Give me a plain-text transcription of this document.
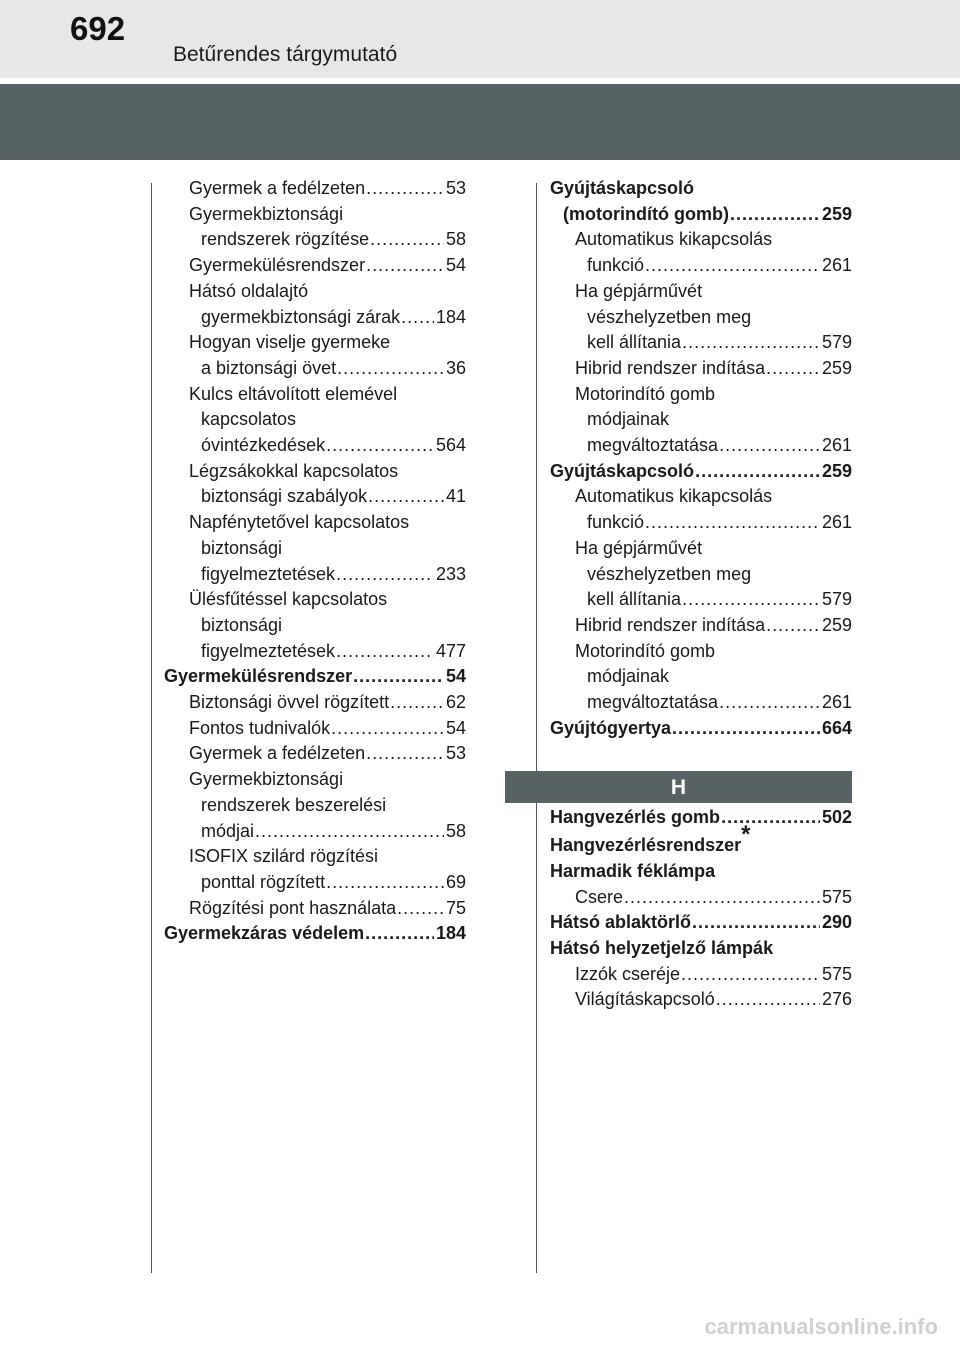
692
Betűrendes tárgymutató
Gyermek a fedélzeten .....	53
Gyermekbiztonsági
rendszerek rögzítése .....	58
Gyermekülésrendszer .....	54
Hátsó oldalajtó
gyermekbiztonsági zárak ..... 184
Hogyan viselje gyermeke
a biztonsági övet .....	36
Kulcs eltávolított elemével
kapcsolatos
óvintézkedések .....	564
Légzsákokkal kapcsolatos
biztonsági szabályok .....	41
Napfénytetővel kapcsolatos
biztonsági
figyelmeztetések .....	233
Ülésfűtéssel kapcsolatos
biztonsági
figyelmeztetések .....	477
Gyermekülésrendszer .....	54
Biztonsági övvel rögzített .....	62
Fontos tudnivalók .....	54
Gyermek a fedélzeten .....	53
Gyermekbiztonsági
rendszerek beszerelési
módjai .....	58
ISOFIX szilárd rögzítési
ponttal rögzített .....	69
Rögzítési pont használata .....	75
Gyermekzáras védelem .....	184
Gyújtáskapcsoló
(motorindító gomb) .....	259
Automatikus kikapcsolás
funkció .....	261
Ha gépjárművét
vészhelyzetben meg
kell állítania .....	579
Hibrid rendszer indítása .....	259
Motorindító gomb
módjainak
megváltoztatása .....	261
Gyújtáskapcsoló .....	259
Automatikus kikapcsolás
funkció .....	261
Ha gépjárművét
vészhelyzetben meg
kell állítania .....	579
Hibrid rendszer indítása .....	259
Motorindító gomb
módjainak
megváltoztatása .....	261
Gyújtógyertya .....	664
H
Hangvezérlés gomb .....	502
Hangvezérlésrendszer*
Harmadik féklámpa
Csere .....	575
Hátsó ablaktörlő .....	290
Hátsó helyzetjelző lámpák
Izzók cseréje .....	575
Világításkapcsoló .....	276
carmanualsonline.info
